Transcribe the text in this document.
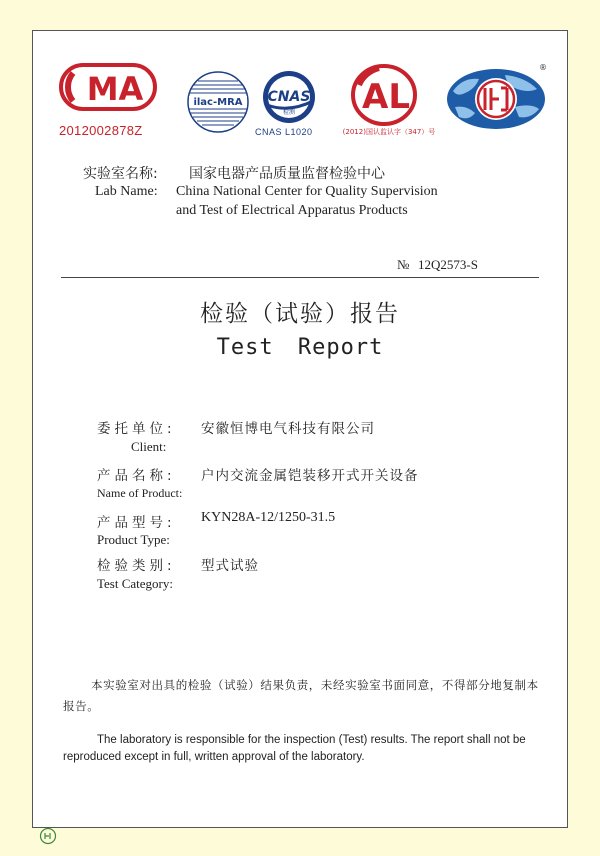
MA
2012002878Z
ilac-MRA CNAS
检测
CNAS L1020
AL
(2012)国认监认字（347）号
®
实验室名称: 国家电器产品质量监督检验中心
Lab Name: China National Center for Quality Supervision
and Test of Electrical Apparatus Products
№ 12Q2573-S
检验（试验）报告
Test Report
委托单位: 安徽恒博电气科技有限公司
Client:
产品名称: 户内交流金属铠装移开式开关设备
Name of Product:
产品型号: KYN28A-12/1250-31.5
Product Type:
检验类别: 型式试验
Test Category:
本实验室对出具的检验（试验）结果负责，未经实验室书面同意，不得部分地复制本报告。
The laboratory is responsible for the inspection (Test) results. The report shall not be reproduced except in full, written approval of the laboratory.
